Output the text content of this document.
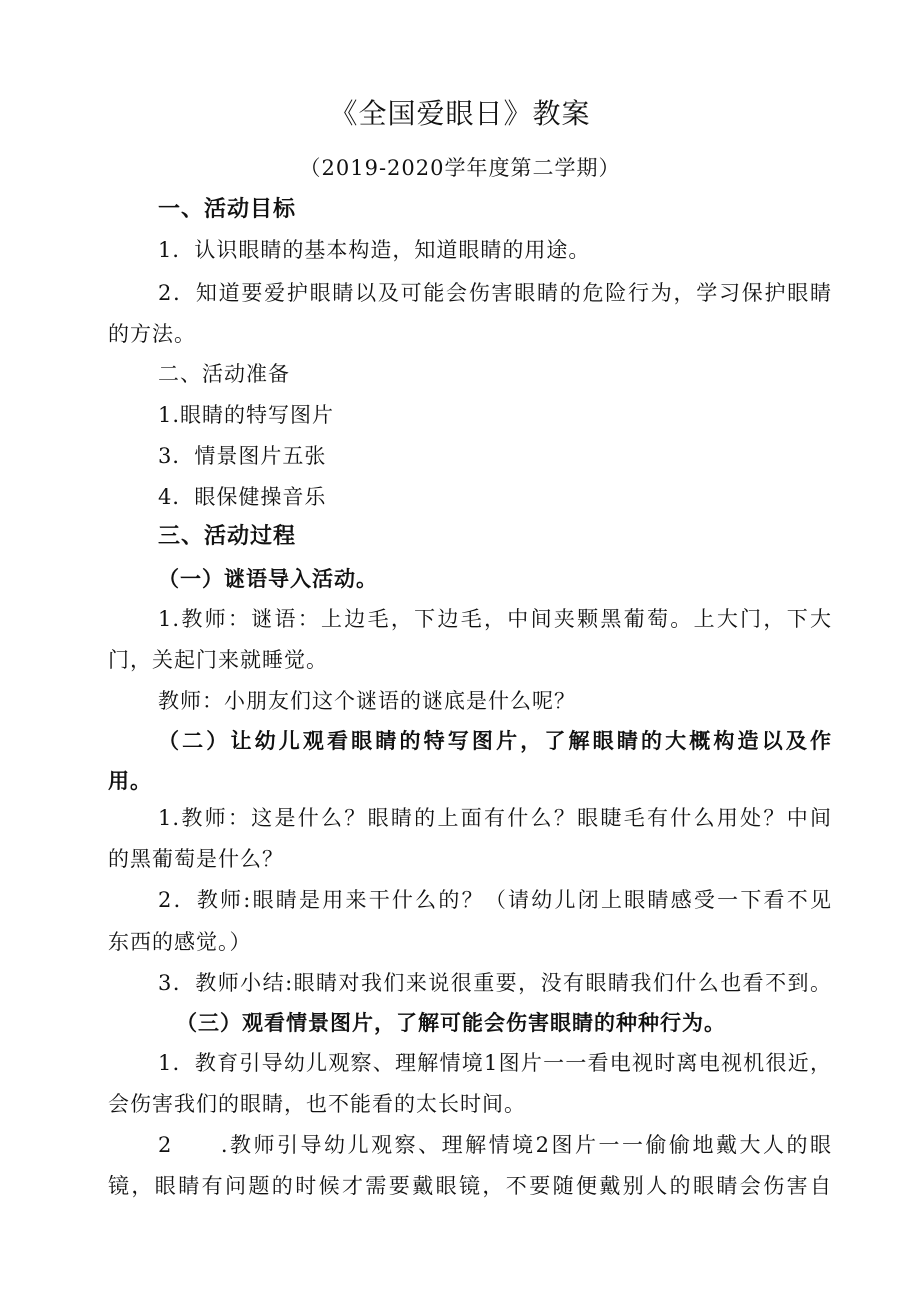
《全国爱眼日》教案
（2019-2020学年度第二学期）
一、活动目标
1．认识眼睛的基本构造，知道眼睛的用途。
2．知道要爱护眼睛以及可能会伤害眼睛的危险行为，学习保护眼睛
的方法。
二、活动准备
1.眼睛的特写图片
3．情景图片五张
4．眼保健操音乐
三、活动过程
（一）谜语导入活动。
1.教师：谜语：上边毛，下边毛，中间夹颗黑葡萄。上大门，下大
门，关起门来就睡觉。
教师：小朋友们这个谜语的谜底是什么呢？
（二）让幼儿观看眼睛的特写图片，了解眼睛的大概构造以及作
用。
1.教师：这是什么？眼睛的上面有什么？眼睫毛有什么用处？中间
的黑葡萄是什么？
2．教师:眼睛是用来干什么的？（请幼儿闭上眼睛感受一下看不见
东西的感觉。）
3．教师小结:眼睛对我们来说很重要，没有眼睛我们什么也看不到。
（三）观看情景图片，了解可能会伤害眼睛的种种行为。
1．教育引导幼儿观察、理解情境1图片一一看电视时离电视机很近，
会伤害我们的眼睛，也不能看的太长时间。
2　　.教师引导幼儿观察、理解情境2图片一一偷偷地戴大人的眼
镜，眼睛有问题的时候才需要戴眼镜，不要随便戴别人的眼睛会伤害自
